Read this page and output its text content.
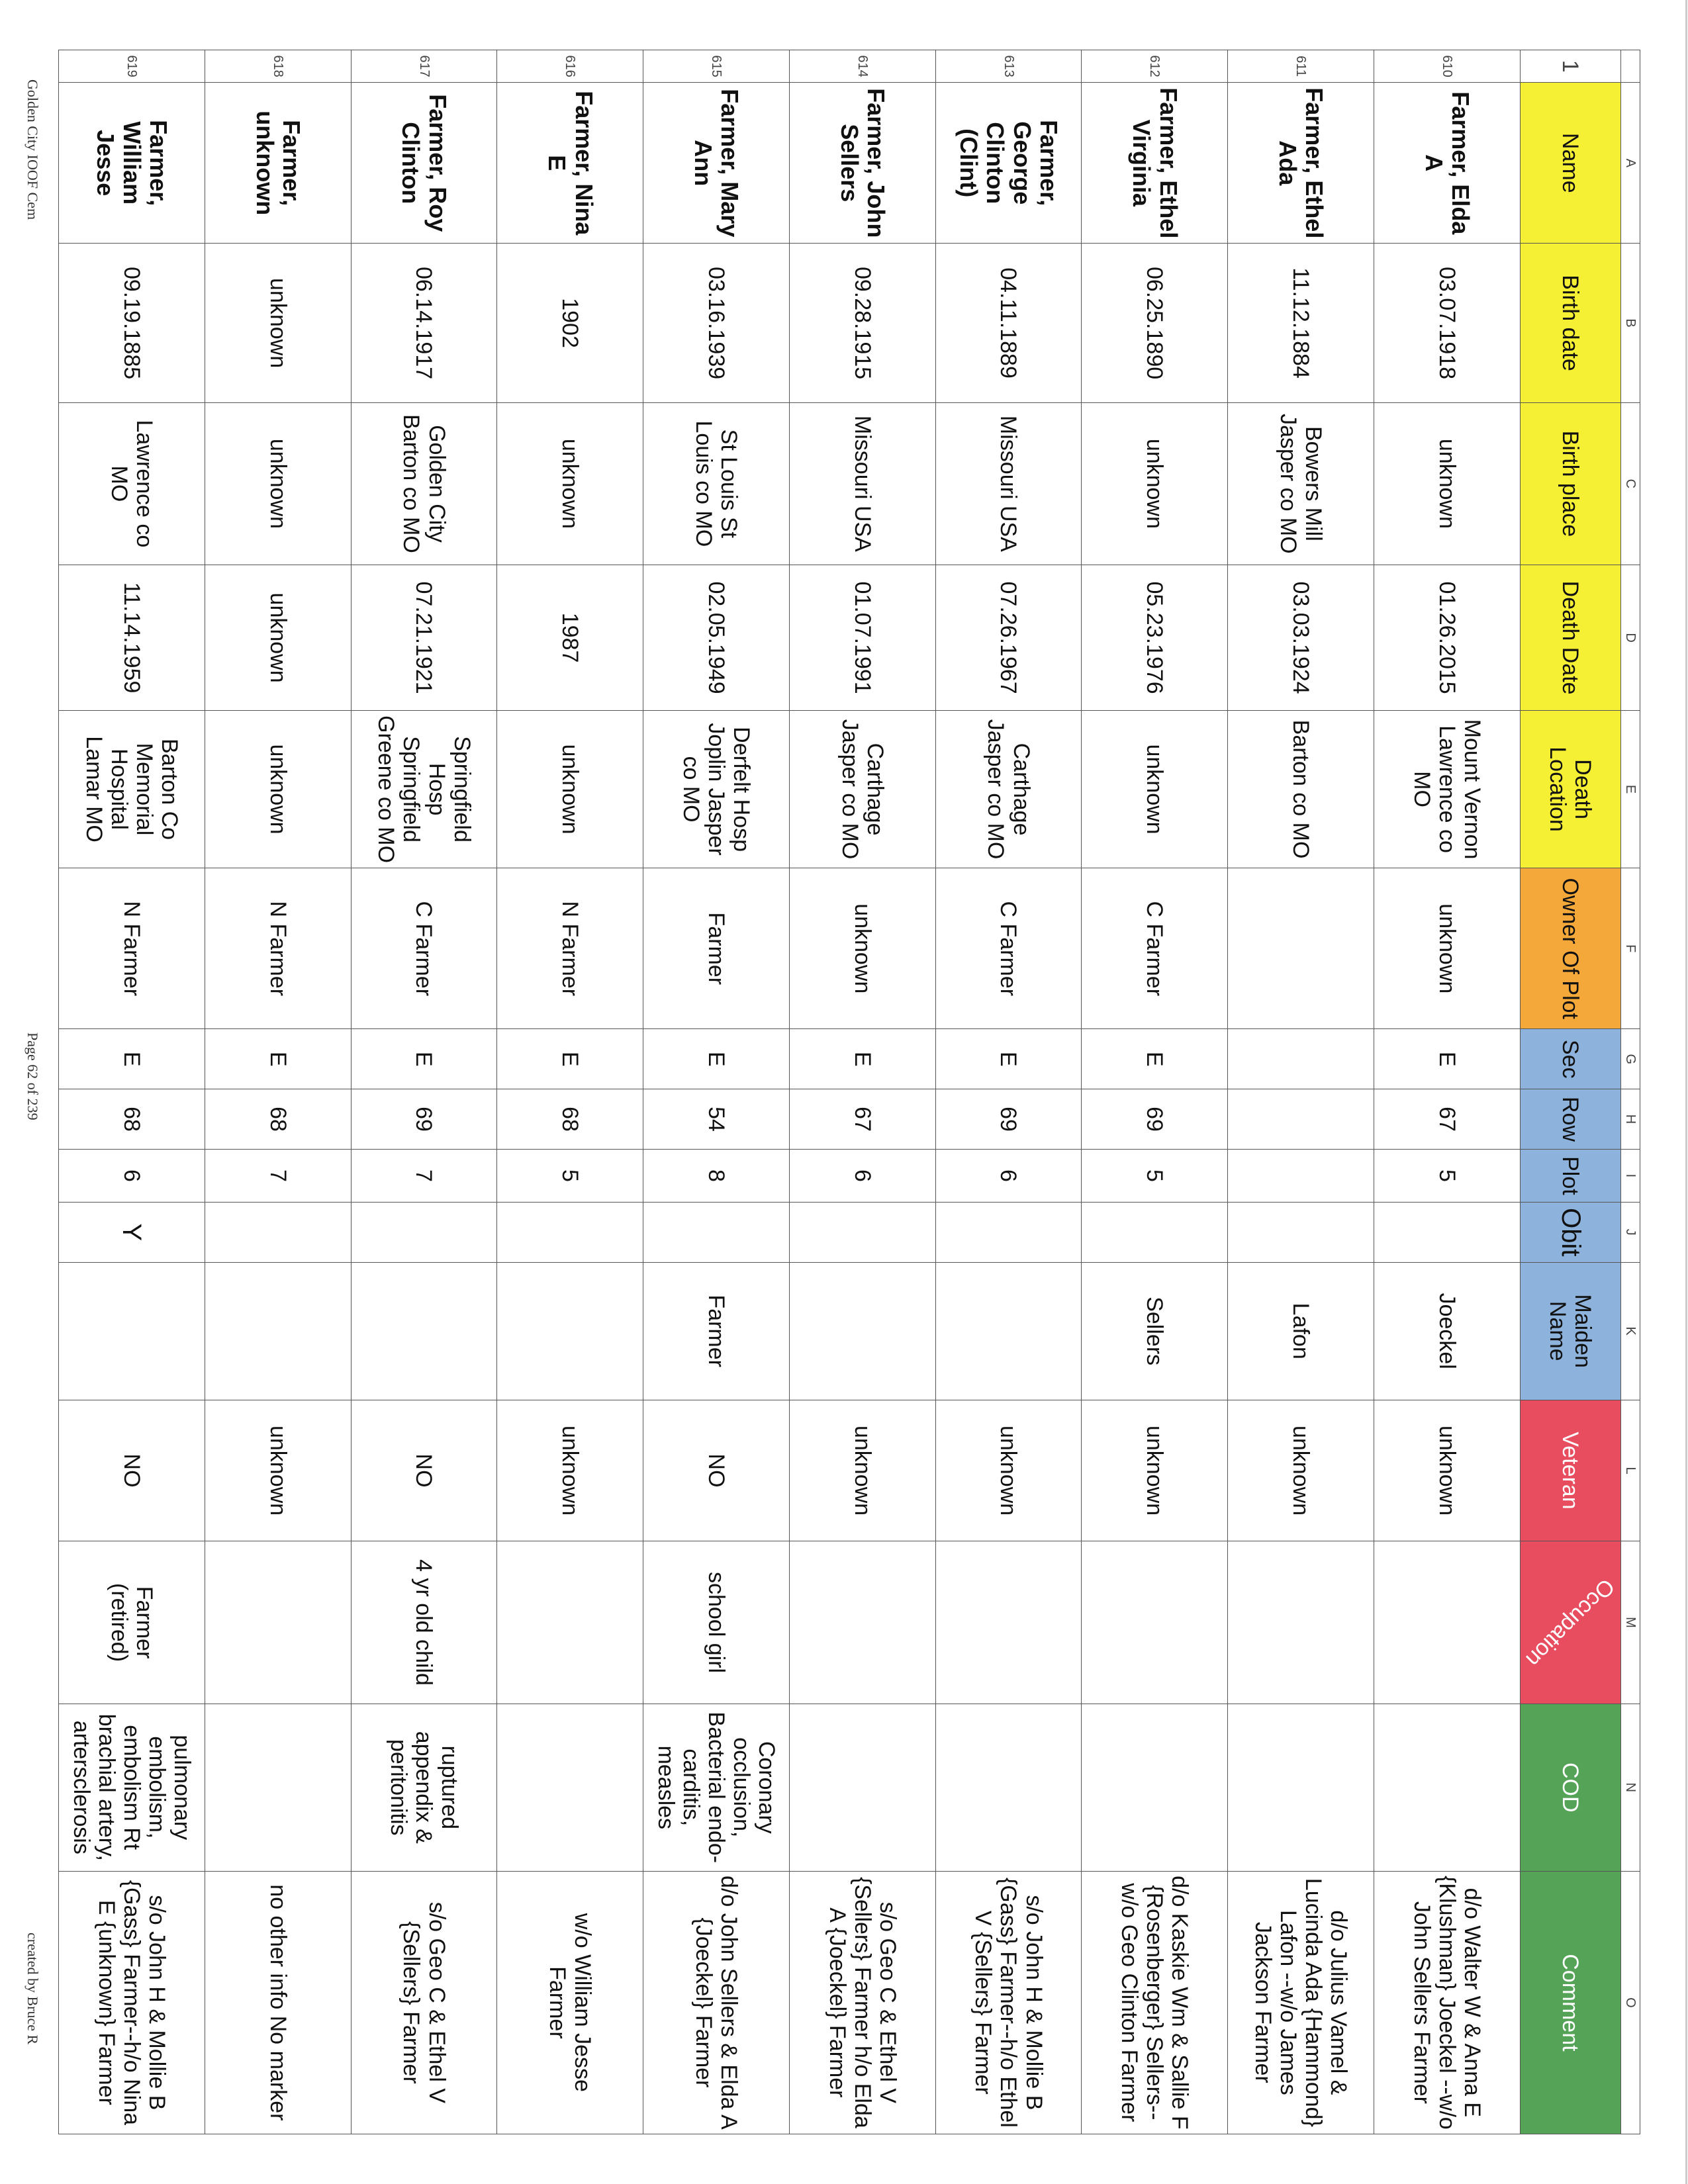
	A	B	C	D	E	F	G	H	I	J	K	L	M	N	O
1	Name	Birth date	Birth place	Death Date	Death Location	Owner Of Plot	Sec	Row	Plot	Obit	Maiden Name	Veteran	Occupation	COD	Comment
610	Farmer, Elda A	03.07.1918	unknown	01.26.2015	Mount Vernon Lawrence co MO	unknown	E	67	5		Joeckel	unknown			d/o Walter W & Anna E {Klushman} Joeckel --w/o John Sellers Farmer
611	Farmer, Ethel Ada	11.12.1884	Bowers Mill Jasper co MO	03.03.1924	Barton co MO						Lafon	unknown			d/o Julius Vamel & Lucinda Ada {Hammond} Lafon --w/o James Jackson Farmer
612	Farmer, Ethel Virginia	06.25.1890	unknown	05.23.1976	unknown	C Farmer	E	69	5		Sellers	unknown			d/o Kaskie Wm & Sallie F {Rosenberger} Sellers--w/o Geo Clinton Farmer
613	Farmer, George Clinton (Clint)	04.11.1889	Missouri USA	07.26.1967	Carthage Jasper co MO	C Farmer	E	69	6			unknown			s/o John H & Mollie B {Gass} Farmer--h/o Ethel V {Sellers} Farmer
614	Farmer, John Sellers	09.28.1915	Missouri USA	01.07.1991	Carthage Jasper co MO	unknown	E	67	6			unknown			s/o Geo C & Ethel V {Sellers} Farmer h/o Elda A {Joeckel} Farmer
615	Farmer, Mary Ann	03.16.1939	St Louis St Louis co MO	02.05.1949	Derfelt Hosp Joplin Jasper co MO	Farmer	E	54	8		Farmer	NO	school girl	Coronary occlusion, Bacterial endo-carditis, measles	d/o John Sellers & Elda A {Joeckel} Farmer
616	Farmer, Nina E	1902	unknown	1987	unknown	N Farmer	E	68	5			unknown			w/o William Jesse Farmer
617	Farmer, Roy Clinton	06.14.1917	Golden City Barton co MO	07.21.1921	Springfield Hosp Springfield Greene co MO	C Farmer	E	69	7			NO	4 yr old child	ruptured appendix & peritonitis	s/o Geo C & Ethel V {Sellers} Farmer
618	Farmer, unknown	unknown	unknown	unknown	unknown	N Farmer	E	68	7			unknown			no other info No marker
619	Farmer, William Jesse	09.19.1885	Lawrence co MO	11.14.1959	Barton Co Memorial Hospital Lamar MO	N Farmer	E	68	6	Y		NO	Farmer (retired)	pulmonary embolism, embolism Rt brachial artery, artersclerosis	s/o John H & Mollie B {Gass} Farmer--h/o Nina E {unknown} Farmer
Golden City IOOF Cem
Page 62 of 239
created by Bruce R
